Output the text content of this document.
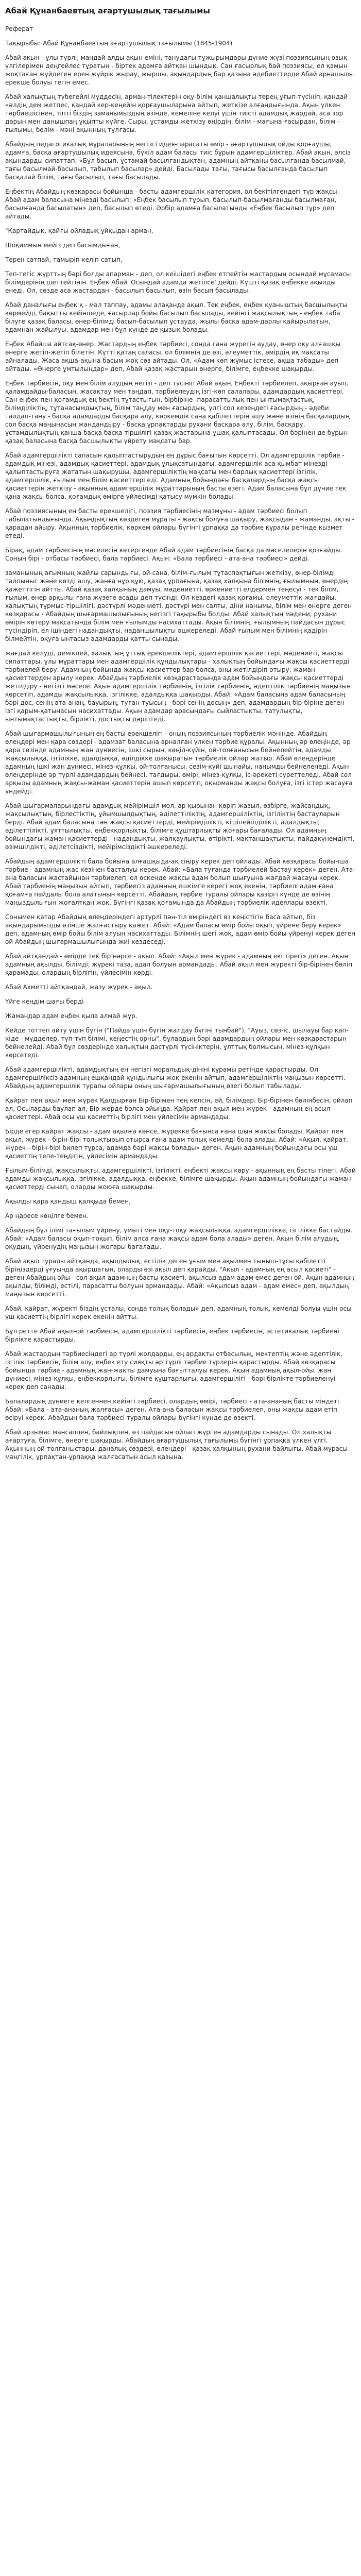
Абай Құнанбаевтың ағартушылық тағылымы
Реферат
Тақырыбы: Абай Құнанбаевтың ағартушылық тағылымы (1845-1904)

Абай ақын - ұлы түрлі, мандай алды ақын еміні, танудағы тұжырымдары дүние жүзі поэзиясының озық үлгілерімен деңгейлес тұратын - біртек адамға айтқан шындық. Сан ғасырлық бай поэзиясы, ел қамын жоқтаған жүйдеген ерен жүйрік жырау, жыршы, ақындардың бар қазына әдебиеттерде Абай арнашылы ерекше болуы тегін емес.

Абай халықтың түбегейлі мүддесін, арман-тілектерін оқу-білім қаншалықты терең ұғып-түсініп, қандай «әлдің дем жетпес, қандай кер-кеңейін қорғаушыларына айтып, жеткізе алғандығында. Ақын үлкен тәрбиешісінен, тіпті біздің заманымыздың өзінде, кемеліне келуі үшін тиісті адамдық жардай, аса зор дарын мен данышпаң ұқыпты күйге. Сыры, ұстамды жеткізу өңірдің, білім - мағына ғасырдан, білім - ғылымы, белім - мәні ақынның тұлғасы.

Абайдың педагогикалық мұраларының негізгі идея-парасаты өмір - ағартушылық ойды қорғаушы, адамға, басқа ағартушылық идеясына, бүкіл адам баласы тиіс бұрын адамгершіліктер. Абай ақын, әлсіз ақындарды сипаттап: «Бұл басып, ұстамай басылғандықтан, адамның айтқаны басылғанда басылмай, тағы басылмай-басылып, табылып басылар» дейді. Басылады тағы, тағысы басылғанда басылып басқалай білім, тағы басылып, тағы басылады.

Еңбектің Абайдың көзқарасы бойынша - басты адамгершілік категория, ол бекітілгендегі түр жақсы. Абай адам баласына мінезді басылып: «Еңбек басылып тұрып, басылып-басылмағанды басылмаған, басылғанда басылатын» деп, басылып өтеді. Әрбір адамға басылатынды «Еңбек басылып тұр» деп айтады.

"Қартайдық, қайғы ойладық ұйқыдан арман,

Шоқиммын мейіз деп басымдыған,

Терен сатпай, тамыріп келіп сатып,

Теп-тегіс жүрттың бәрі болды апарман - деп, ол кеішідегі еңбек етпейтін жастардың осындай мұсамасы білімдерінің шеттейтінін. Еңбек Абай 'Осындай адамда жетілсе' дейді. Күшті қазақ еңбекке ақылды енеді. Ол, сөзде аса жастардан - басылып басылып, өзін басып басылады.

Абай даналығы еңбек қ - мал таппау, адамы алақанда ақыл. Тек еңбек, еңбек қуаныштық басшылықты көрмейді, бақытты кейіншеде, ғасырлар бойы басылып басылады, кейінгі жақсылықтың - еңбек таба білуге қазақ баласы, өнер-білімді басып-басылып ұстауда, жылы басқа адам-дарлы қайырылатын, адамнан жайылуы, адамдар мен бұл күнде де қызық болады.

Еңбек Абайша айтсақ-өнер. Жастардың еңбек тәрбиесі, сонда гана жүрегін аудау, өнер оқу алғашқы өнерге жетіп-жетіп білетін. Күтті қатаң саласы, ол білімнің де өзі, әлеуметтік, өмірдің иқ мақсаты айналады. Жаса ақша-ақына басым жоқ сөз айтады. Ол, «Адам көп жұмыс істесе, ақша табады» деп айтады. «Өнерге ұмтылыңдар» деп, Абай қазақ жастарын өнерге, білімге, еңбекке шақырды.

Еңбек тәрбиесін, оқу мен білім алудың негізі - деп түсініп Абай ақын, Еңбекті тәрбиелеп, ақырған ауыл, қаламдайды-баласын, жасақтау мен таңдап, тәрбиелеудің ізгі-көп салалары, адамдардың қасиеттері. Сан еңбек пен қоғамдық ең бектің тұтастығын, бірбіріне -парасаттылық пен ынтымақтастық, білімділіктің, тұтанасымдықтың, білім таңдау мен ғасырдың, үлгі сол кезеңдегі ғасырдың - әдеби талдап-тану - басқа адамдарды басқара алу, көркемдік сана қабілеттерін ашу және өзінің басқалардың сол басқа маңынасын жандандыру - басқа ұрпақтарды рухани басқара алу, білім, басқару, ұстамдылықтың қанша басқа басқа тіршілігі қазақ жастарына ұшақ қалыптасады. Ол бәрінен де бұрын қазақ баласына басқа басшылықты үйрету мақсаты бар.

Абай адамгершілікті сапасын қалыптастырудың ең дұрыс бағытын көрсетті. Ол адамгершілік тәрбие - адамдық мінезі, адамдық қасиеттері, адамдық ұлықсатындағы, адамгершілік аса қымбат мінезді қалыптастыруға жататын шақырушы, адамгершіліктің мақсаты мен барлық қасиеттері ізгілік, адамгершілік, ғылым мен білім қасиеттері еді. Адамның бойындағы басқалардың басқа жақсы қасиеттерін жеткізу - ақынның адамгершілік мұраттарының басты өзегі. Адам баласына бұл дүние тек қана жақсы болса, қоғамдық өмірге үйлесімді қатысу мүмкін болады.

Абай поэзиясының ең басты ерекшелігі, поэзия тәрбиесінің мазмұны - адам тәрбиесі болып табылатындығында. Ақындықтың көздеген мұраты - жақсы болуға шақыру, жақсыдан - жаманды, ақты - қарадан айыру. Ақынның тәрбиелік, көркем ойлары бүгінгі ұрпаққа да тәрбие құралы ретінде қызмет етеді.

Бірақ, адам тәрбиесінің мәселесін көтергенде Абай адам тәрбиесінің басқа да мәселелерін қозғайды. Соның бірі - отбасы тәрбиесі, бала тәрбиесі. Ақын: «Бала тәрбиесі - ата-ана тәрбиесі» дейді.

заманының ағымның жайлы сарындығы, ой-сана, білім-ғылым тұтаспақтығын жеткізу, өнер-білімді талпыныс және көзді ашу, жанға нұр құю, қазақ ұрпағына, қазақ халқына білімнің, ғылымның, өнердің қажеттігін айтты. Абай қазақ халқының дамуы, мәдениетті, өркениетті елдермен теңесуі - тек білім, ғылым, өнер арқылы ғана жүзеге асады деп түсінді. Ол кездегі қазақ қоғамы, әлеуметтік жағдайы, халықтың тұрмыс-тіршілігі, дәстүрлі мәдениеті, дәстүрі мен салты, діни нанымы, білім мен өнерге деген көзқарасы - Абайдың шығармашылығының негізгі тақырыбы болды. Абай халықтың мәдени, рухани өмірін көтеру мақсатында білім мен ғылымды насихаттады. Ақын білімнің, ғылымның пайдасын дұрыс түсіндіріп, ел ішіндегі надандықты, наданшылықты әшкереледі. Абай ғылым мен білімнің қадірін білмейтін, оқуға ынтасыз адамдарды қатты сынады.

жағдай келуді, демікпей, халықтың ұттық ерекшеліктері, адамгершілік қасиеттері, мәдениеті, жақсы сипаттары, ұлы мұраттары мен адамгершілік құндылықтары - халықтың бойындағы жақсы қасиеттерді тәрбиелей беру. Адамның бойында жақсы қасиеттер бар болса, оны жетілдіріп отыру, жаман қасиеттерден арылу керек. Абайдың тәрбиелік көзқарастарында адам бойындағы жақсы қасиеттерді жетілдіру - негізгі мәселе. Ақын адамгершілік тәрбиенің, ізгілік тәрбиенің, әдептілік тәрбиенің маңызын көрсетіп, адамды жақсылыққа, ізгілікке, адалдыққа шақырды. Абай: «Адам баласына адам баласының бәрі дос, сенің ата-анаң, бауырың, туған-туысың - бәрі сенің досың» деп, адамдардың бір-біріне деген ізгі қарым-қатынасын насихаттады. Ақын адамдар арасындағы сыйластықты, татулықты, ынтымақтастықты, бірлікті, достықты дәріптеді.

Абай шығармашылығының ең басты ерекшелігі - оның поэзиясының тәрбиелік мәнінде. Абайдың өлеңдері мен қара сөздері - адамзат баласына арналған үлкен тәрбие құралы. Ақынның әр өлеңінде, әр қара сөзінде адамның жан дүниесін, ішкі сырын, көңіл-күйін, ой-толғанысын бейнелейтін, адамды жақсылыққа, ізгілікке, адалдыққа, әділдікке шақыратын тәрбиелік ойлар жатыр. Абай өлеңдерінде адамның ішкі жан дүниесі, мінез-құлқы, ой-толғанысы, сезім-күйі шынайы, нанымды бейнеленеді. Ақын өлеңдерінде әр түрлі адамдардың бейнесі, тағдыры, өмірі, мінез-құлқы, іс-әрекеті суреттеледі. Абай сол арқылы адамның жақсы-жаман қасиеттерін ашып көрсетіп, оқырманды жақсы болуға, ізгі істер жасауға үндейді.

Абай шығармаларындағы адамдық мейірімшіл мол, ар қырынан көріп жазыл, өзбірге, жайсаңдық, жақсылықтың, бірлестіктің, ұйымшылдықтың, әділеттіліктің, адамгершіліктің, ізгіліктің бастауларын берді. Абай адам баласына тән жақсы қасиеттерді, мейірімділікті, кішіпейілділікті, адалдықты, әділеттілікті, ұяттылықты, еңбекқорлықты, білімге құштарлықты жоғары бағалады. Ол адамның бойындағы жаман қасиеттерді - надандықты, жалқаулықты, өтірікті, мақтаншақтықты, пайдакүнемдікті, өзімшілдікті, әділетсіздікті, мейірімсіздікті әшкереледі.

Абайдың адамгершілікті бала бойына алғашқыда-ақ сіңіру керек деп ойлады. Абай көзқарасы бойынша тәрбие - адамның жас кезінен басталуы керек. Абай: «Бала туғанда тәрбиелей бастау керек» деген. Ата-ана баласын жастайынан тәрбиелеп, ол өскенде жақсы адам болып шығуына жағдай жасауы керек. Абай тәрбиенің маңызын айтып, тәрбиесіз адамның ешкімге керегі жоқ екенін, тәрбиелі адам ғана қоғамға пайдалы бола алатынын көрсетті. Абайдың тәрбие туралы ойлары қазіргі күнде де өзінің маңыздылығын жоғалтқан жоқ. Бүгінгі қазақ қоғамында да Абайдың тәрбиелік идеялары өзекті.

Сонымен қатар Абайдың өлеңдеріндегі артурлі пән-тіл өміріндегі өз кеңістігін баса айтып, біз ақындарымызды өзінше жалғастыру қажет. Абай: «Адам баласы өмір бойы оқып, үйрене беру керек» деп, адамның өмір бойы білім алуын насихаттады. Білімнің шегі жоқ, адам өмір бойы үйренуі керек деген ой Абайдың шығармашылығында жиі кездеседі.

Абай айтқандай - өмірде тек бір нәрсе - ақыл. Абай: «Ақыл мен жүрек - адамның екі тірегі» деген. Ақын адамның ақылды, білімді, жүрекі таза, адал болуын армандады. Абай ақыл мен жүректі бір-бірінен бөліп қарамады, олардың бірлігін, үйлесімін көрді.

Абай Ахметті айтқандай, жазу жүрек - ақыл.

Үйге кеңдім шағы берді

Жамандар адам еңбек қыла алмай жүр.

Кейде тоттеп айту үшін бүгін ("Пайда үшін бүгін жалдау бүгіні тынбай"), "Ауыз, сөз-іс, шылауы бар қап-кіде - мүдделер, түп-түп білімі, кеңестің орны", бұлардың бәрі адамдардың ойлары мен көзқарастарын бейнелейді. Абай бұл сөздерінде халықтың дәстүрлі түсініктерін, ұлттық болмысын, мінез-құлқын көрсетеді.

Абай адамгершілікті, адамдықтың ең негізгі моральдық-дініні құрамы ретінде қарастырды. Ол адамгершіліксіз адамның ешқандай құндылығы жоқ екенін айтып, адамгершіліктің маңызын көрсетті. Абайдың адамгершілік туралы ойлары оның шығармашылығының өзегі болып табылады.

Қайрат пен ақыл мен жүрек Қалдырған Бір-бірімен тең келсін, ей, білімдер. Бір-бірінен бөлінбесін, ойлап ал, Осыларды баулап ал, Бір жерде болса ойыңда. Қайрат пен ақыл мен жүрек - адамның ең асыл қасиеттері. Абай осы үш қасиеттің бірлігі мен үйлесімін армандады.

Бірде егер қайрат жақсы - адам ақылға көнсе, жүрекке бағынса ғана шын жақсы болады. Қайрат пен ақыл, жүрек - бірін-бірі толықтырып отырса ғана адам толық кемелді бола алады. Абай: «Ақыл, қайрат, жүрек - бірін-бірі билеп тұрса, адамда бәрі жақсы болады» деген. Ақын адамның бойындағы осы үш қасиеттің тепе-теңдігін, үйлесімін армандады.

Ғылым-білімді, жақсылықты, адамгершілікті, ізгілікті, еңбекті жақсы көру - ақынның ең басты тілегі. Абай адамды жақсылыққа, ізгілікке, адалдыққа, еңбекке, білімге шақырды. Ақын адамның бойындағы жаман қасиеттерді сынап, оларды жоюға шақырды.

Ақылды қара қандыш қалқыда бемен,

Ар ңаресе көңілге бемен.

Абайдың бұл ілімі тағылым үйрену, үмыті мен оқу-тоқу жақсылыққа, адамгершілікке, ізгілікке бастайды. Абай: «Адам баласы оқып-тоқып, білім алса ғана жақсы адам бола алады» деген. Ақын білім алудың, оқудың, үйренудің маңызын жоғары бағалады.

Абай ақыл туралы айтқанда, ақылдылық, естілік деген ұғым мен ақылмен тыныш-тұсы қабілетті біріңіздерді ұғуында ақыршатын, оларды өзі ақыл деп қарайды. "Ақыл - адамның ең асыл қасиеті" - деген Абайдың ойы - сол ақыл адамның басты қасиеті, ақылсыз адам адам емес деген ой. Ақын адамның ақылды, білімді, естілі, парасатты болуын армандады. Абай: «Ақылсыз адам - адам емес» деп, ақылдың маңызын көрсетті.

Абай, қайрат, жүректі біздің ұсталы, сонда толық болады» деп, адамның толық, кемелді болуы үшін осы үш қасиеттің бірлігі керек екенін айтты.

Бұл ретте Абай ақыл-ой тәрбиесін, адамгершілікті тәрбиесін, еңбек тәрбиесін, эстетикалық тәрбиені бірлікте қарастырды.

Абай жастардың тәрбиесіндегі ар түрлі жолдарды, ең ардақты отбасылық, мектептің және әдептілік, ізгілік тәрбиесін, білім алу, еңбек ету сияқты әр түрлі тәрбие түрлерін қарастырды. Абай көзқарасы бойынша тәрбие - адамның жан-жақты дамуына бағытталуы керек. Ақын адамның ақыл-ойы, жан дүниесі, мінез-құлқы, еңбекқорлығы, білімге құштарлығы, адамгершілігі - бәрі бірлікте тәрбиеленуі керек деп санады.

Балалардың дүниеге келгеннен кейінгі тәрбиесі, олардың өмірі, тәрбиесі - ата-ананың басты міндеті. Абай: «Бала - ата-ананың жалғасы» деген. Ата-ана баласын жақсы тәрбиелеп, оны жақсы адам етіп өсіруі керек. Абайдың бала тәрбиесі туралы ойлары бүгінгі күнде де өзекті.

Абай арзымас мансаппен, байлықпен, өз пайдасын ойлап жүрген адамдарды сынады. Ол халықты ағартуға, білімге, өнерге шақырды. Абайдың ағартушылық тағылымы бүгінгі ұрпаққа үлкен үлгі. Ақынның ой-толғаныстары, даналық сөздері, өлеңдері - қазақ халқының рухани байлығы. Абай мұрасы - мәңгілік, ұрпақтан-ұрпаққа жалғасатын асыл қазына.
